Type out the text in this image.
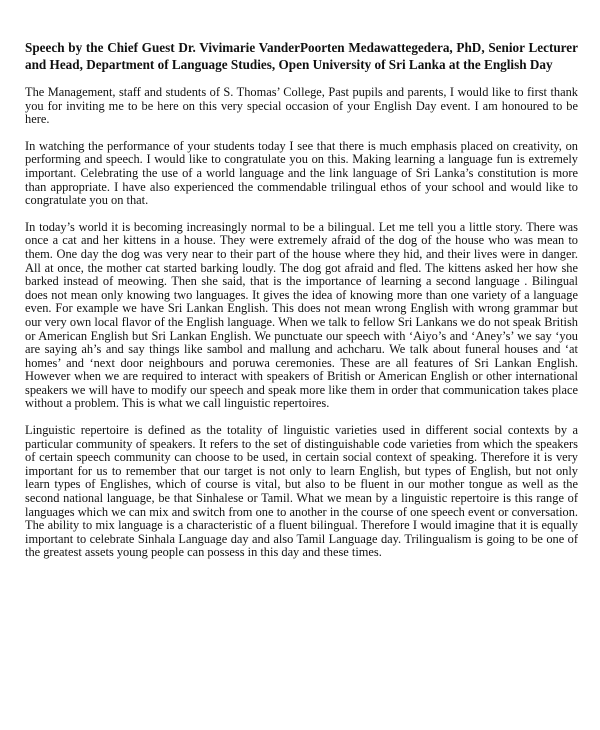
Speech by the Chief Guest Dr. Vivimarie VanderPoorten Medawattegedera, PhD, Senior Lecturer and Head, Department of Language Studies, Open University of Sri Lanka at the English Day

The Management, staff and students of S. Thomas’ College, Past pupils and parents, I would like to first thank you for inviting me to be here on this very special occasion of your English Day event. I am honoured to be here.

In watching the performance of your students today I see that there is much emphasis placed on creativity, on performing and speech. I would like to congratulate you on this. Making learning a language fun is extremely important. Celebrating the use of a world language and the link language of Sri Lanka’s constitution is more than appropriate. I have also experienced the commendable trilingual ethos of your school and would like to congratulate you on that.

In today’s world it is becoming increasingly normal to be a bilingual. Let me tell you a little story. There was once a cat and her kittens in a house. They were extremely afraid of the dog of the house who was mean to them. One day the dog was very near to their part of the house where they hid, and their lives were in danger. All at once, the mother cat started barking loudly. The dog got afraid and fled. The kittens asked her how she barked instead of meowing. Then she said, that is the importance of learning a second language . Bilingual does not mean only knowing two languages. It gives the idea of knowing more than one variety of a language even. For example we have Sri Lankan English. This does not mean wrong English with wrong grammar but our very own local flavor of the English language. When we talk to fellow Sri Lankans we do not speak British or American English but Sri Lankan English. We punctuate our speech with ‘Aiyo’s and ‘Aney’s’ we say ‘you are saying ah’s and say things like sambol and mallung and achcharu. We talk about funeral houses and ‘at homes’ and ‘next door neighbours and poruwa ceremonies. These are all features of Sri Lankan English. However when we are required to interact with speakers of British or American English or other international speakers we will have to modify our speech and speak more like them in order that communication takes place without a problem. This is what we call linguistic repertoires.

Linguistic repertoire is defined as the totality of linguistic varieties used in different social contexts by a particular community of speakers. It refers to the set of distinguishable code varieties from which the speakers of certain speech community can choose to be used, in certain social context of speaking. Therefore it is very important for us to remember that our target is not only to learn English, but types of English, but not only learn types of Englishes, which of course is vital, but also to be fluent in our mother tongue as well as the second national language, be that Sinhalese or Tamil. What we mean by a linguistic repertoire is this range of languages which we can mix and switch from one to another in the course of one speech event or conversation. The ability to mix language is a characteristic of a fluent bilingual. Therefore I would imagine that it is equally important to celebrate Sinhala Language day and also Tamil Language day. Trilingualism is going to be one of the greatest assets young people can possess in this day and these times.
